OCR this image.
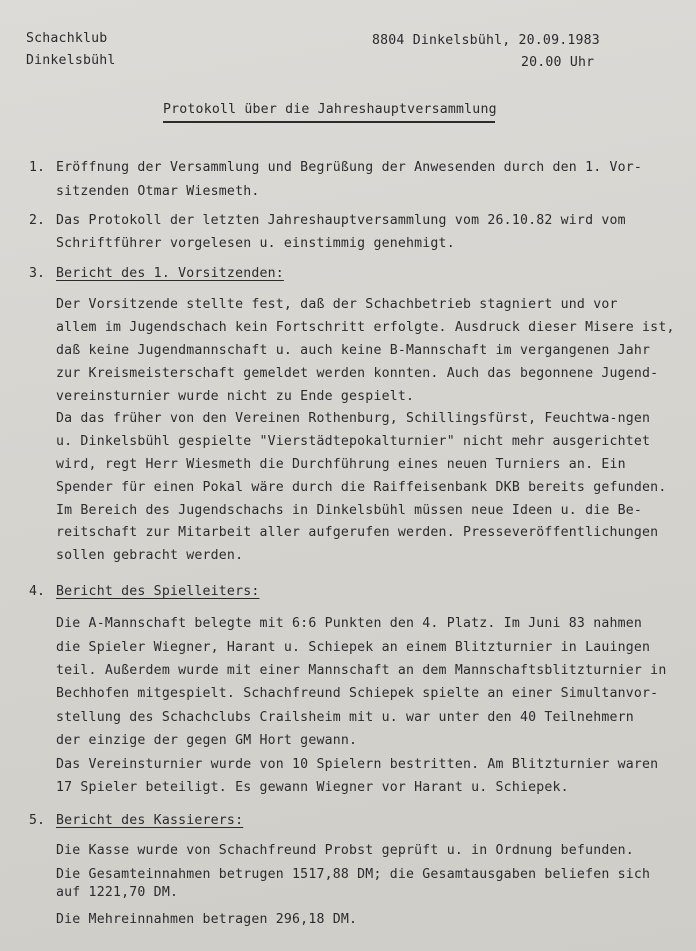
Schachklub
Dinkelsbühl
8804 Dinkelsbühl, 20.09.1983
20.00 Uhr
Protokoll über die Jahreshauptversammlung
1. Eröffnung der Versammlung und Begrüßung der Anwesenden durch den 1. Vor-
sitzenden Otmar Wiesmeth.
2. Das Protokoll der letzten Jahreshauptversammlung vom 26.10.82 wird vom
Schriftführer vorgelesen u. einstimmig genehmigt.
3. Bericht des 1. Vorsitzenden:
Der Vorsitzende stellte fest, daß der Schachbetrieb stagniert und vor
allem im Jugendschach kein Fortschritt erfolgte. Ausdruck dieser Misere ist,
daß keine Jugendmannschaft u. auch keine B-Mannschaft im vergangenen Jahr
zur Kreismeisterschaft gemeldet werden konnten. Auch das begonnene Jugend-
vereinsturnier wurde nicht zu Ende gespielt.
Da das früher von den Vereinen Rothenburg, Schillingsfürst, Feuchtwa-ngen
u. Dinkelsbühl gespielte "Vierstädtepokalturnier" nicht mehr ausgerichtet
wird, regt Herr Wiesmeth die Durchführung eines neuen Turniers an. Ein
Spender für einen Pokal wäre durch die Raiffeisenbank DKB bereits gefunden.
Im Bereich des Jugendschachs in Dinkelsbühl müssen neue Ideen u. die Be-
reitschaft zur Mitarbeit aller aufgerufen werden. Presseveröffentlichungen
sollen gebracht werden.
4. Bericht des Spielleiters:
Die A-Mannschaft belegte mit 6:6 Punkten den 4. Platz. Im Juni 83 nahmen
die Spieler Wiegner, Harant u. Schiepek an einem Blitzturnier in Lauingen
teil. Außerdem wurde mit einer Mannschaft an dem Mannschaftsblitzturnier in
Bechhofen mitgespielt. Schachfreund Schiepek spielte an einer Simultanvor-
stellung des Schachclubs Crailsheim mit u. war unter den 40 Teilnehmern
der einzige der gegen GM Hort gewann.
Das Vereinsturnier wurde von 10 Spielern bestritten. Am Blitzturnier waren
17 Spieler beteiligt. Es gewann Wiegner vor Harant u. Schiepek.
5. Bericht des Kassierers:
Die Kasse wurde von Schachfreund Probst geprüft u. in Ordnung befunden.
Die Gesamteinnahmen betrugen 1517,88 DM; die Gesamtausgaben beliefen sich
auf 1221,70 DM.
Die Mehreinnahmen betragen 296,18 DM.
